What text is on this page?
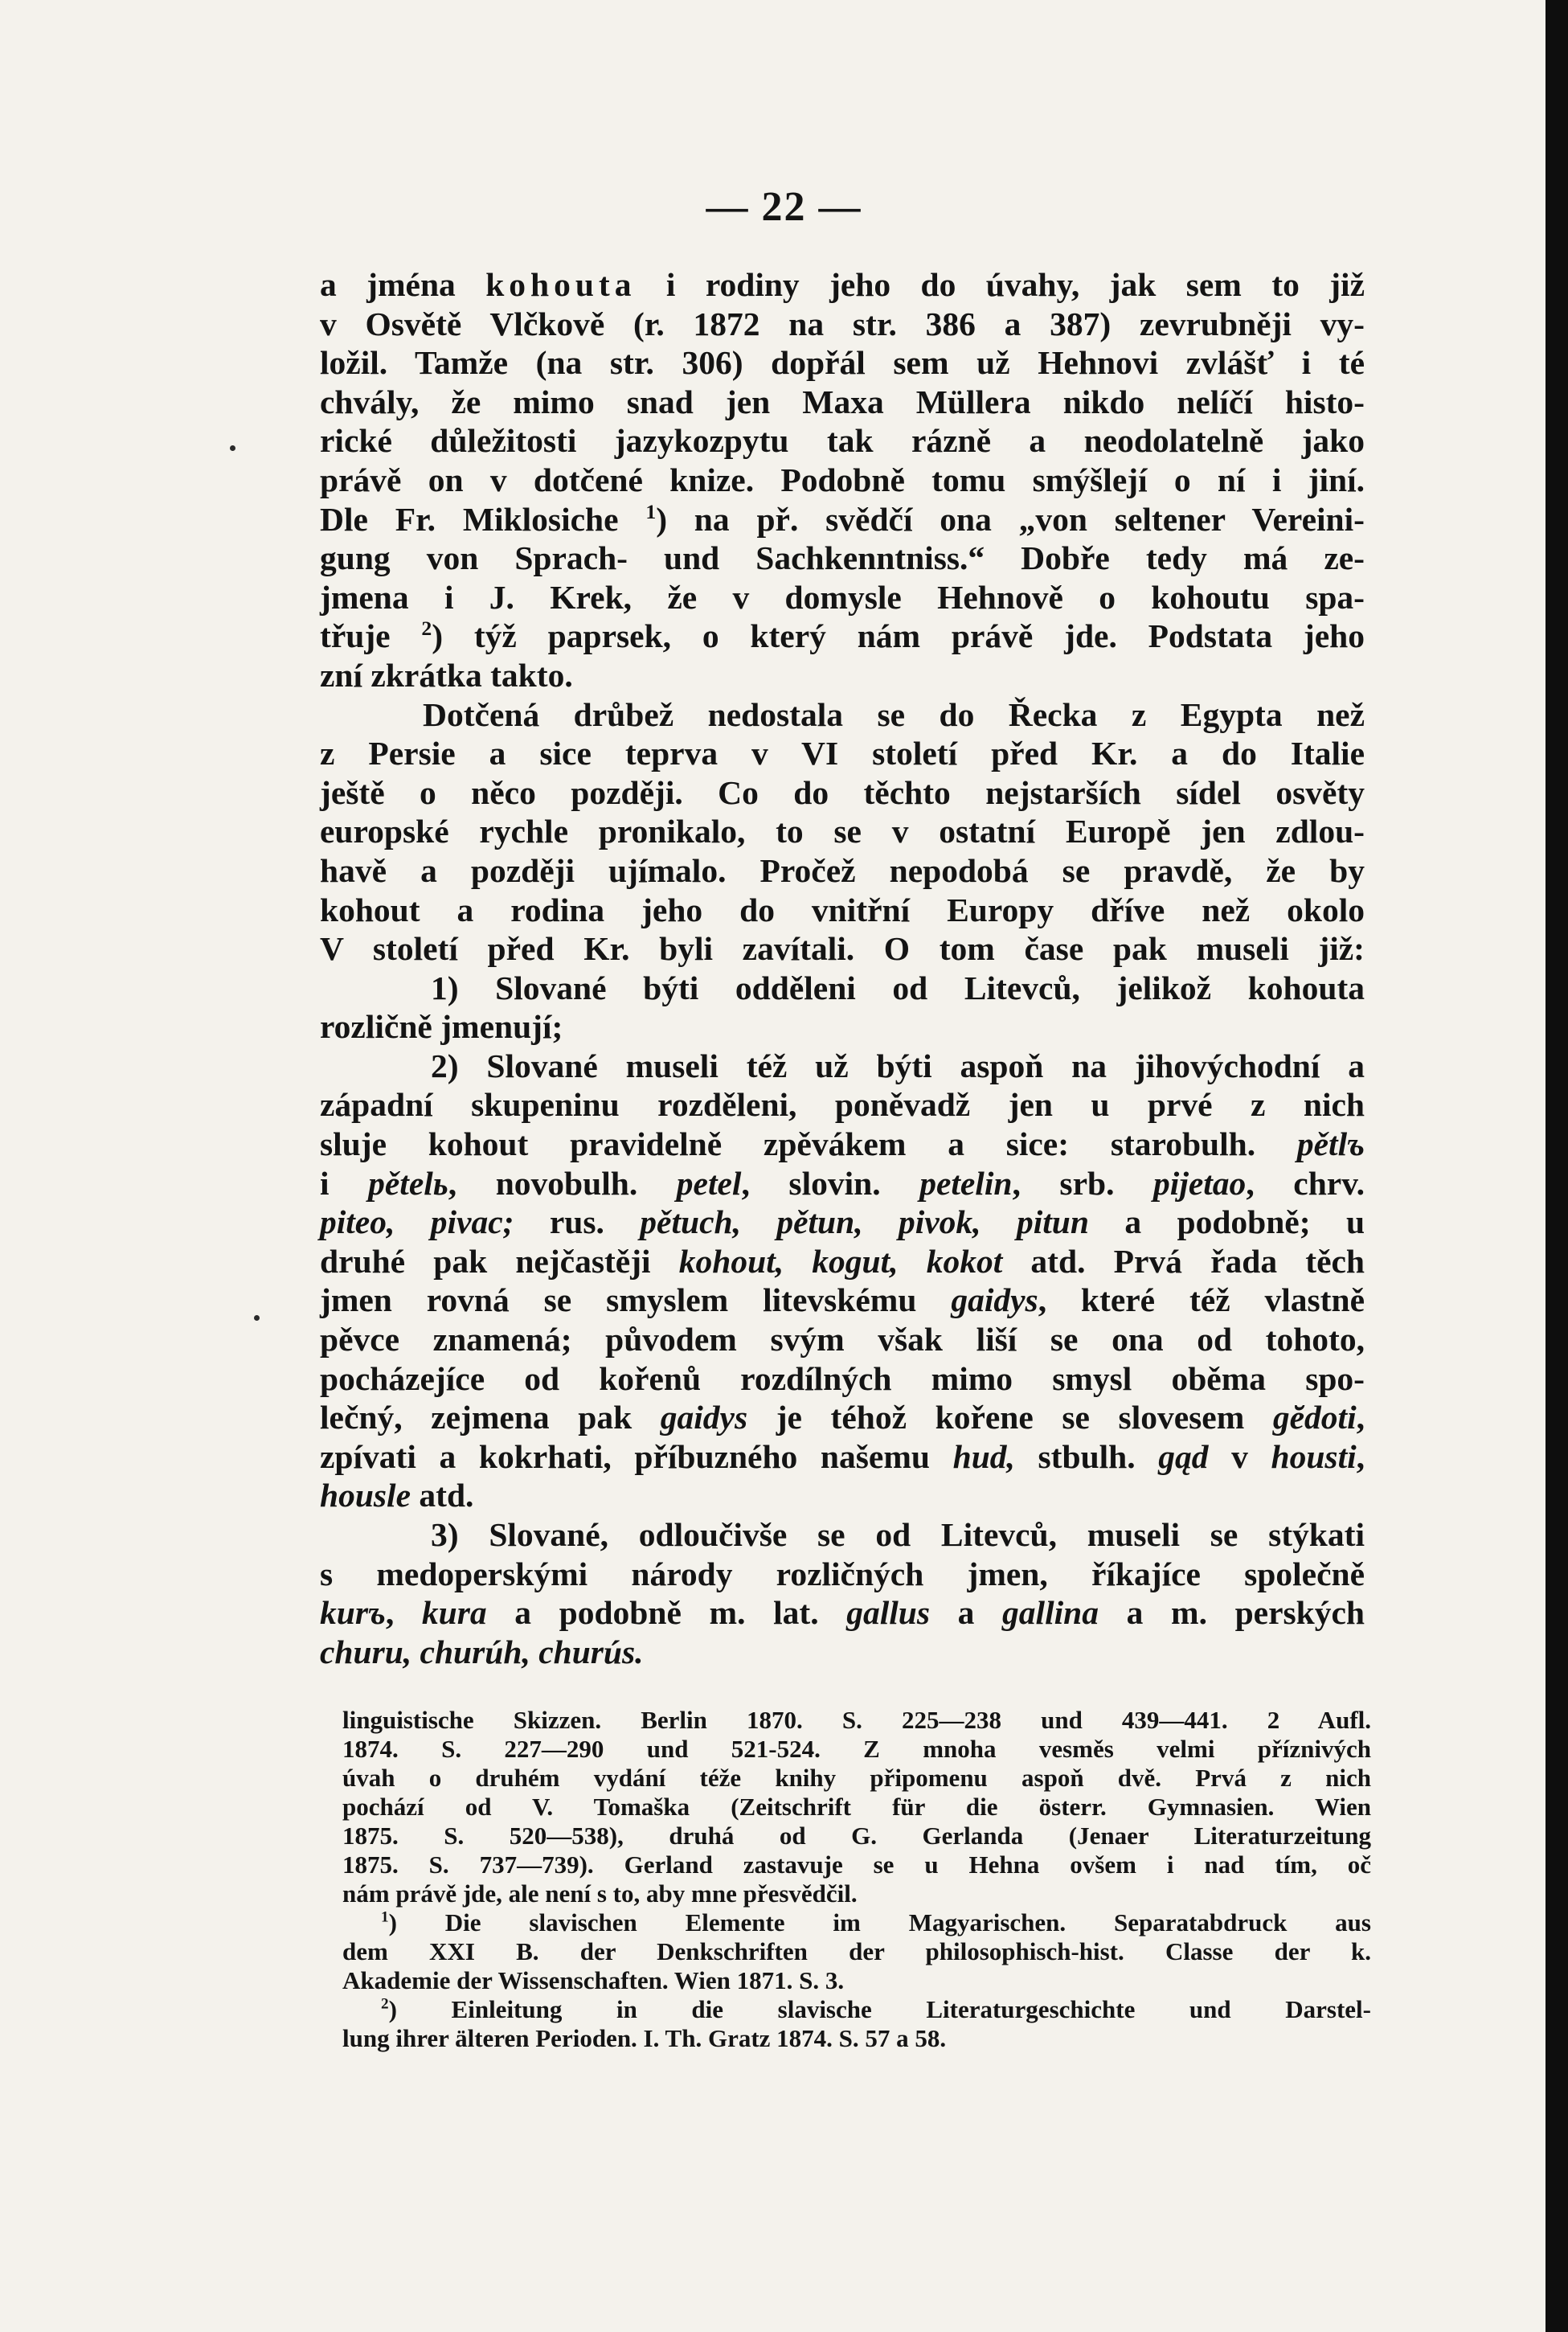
— 22 —
a jména kohouta i rodiny jeho do úvahy, jak sem to již
v Osvětě Vlčkově (r. 1872 na str. 386 a 387) zevrubněji vy-
ložil. Tamže (na str. 306) dopřál sem už Hehnovi zvlášť i té
chvály, že mimo snad jen Maxa Müllera nikdo nelíčí histo-
rické důležitosti jazykozpytu tak rázně a neodolatelně jako
právě on v dotčené knize. Podobně tomu smýšlejí o ní i jiní.
Dle Fr. Miklosiche $^1$) na př. svědčí ona „von seltener Vereini-
gung von Sprach- und Sachkenntniss.“ Dobře tedy má ze-
jmena i J. Krek, že v domysle Hehnově o kohoutu spa-
třuje $^2$) týž paprsek, o který nám právě jde. Podstata jeho
zní zkrátka takto.
Dotčená drůbež nedostala se do Řecka z Egypta než
z Persie a sice teprva v VI století před Kr. a do Italie
ještě o něco později. Co do těchto nejstarších sídel osvěty
europské rychle pronikalo, to se v ostatní Europě jen zdlou-
havě a později ujímalo. Pročež nepodobá se pravdě, že by
kohout a rodina jeho do vnitřní Europy dříve než okolo
V století před Kr. byli zavítali. O tom čase pak museli již:
1) Slované býti odděleni od Litevců, jelikož kohouta
rozličně jmenují;
2) Slované museli též už býti aspoň na jihovýchodní a
západní skupeninu rozděleni, poněvadž jen u prvé z nich
sluje kohout pravidelně zpěvákem a sice: starobulh. pětlъ
i pětelь, novobulh. petel, slovin. petelin, srb. pijetao, chrv.
piteo, pivac; rus. pětuch, pětun, pivok, pitun a podobně; u
druhé pak nejčastěji kohout, kogut, kokot atd. Prvá řada těch
jmen rovná se smyslem litevskému gaidys, které též vlastně
pěvce znamená; původem svým však liší se ona od tohoto,
pocházejíce od kořenů rozdílných mimo smysl oběma spo-
lečný, zejmena pak gaidys je téhož kořene se slovesem gĕdoti,
zpívati a kokrhati, příbuzného našemu hud, stbulh. gąd v housti,
housle atd.
3) Slované, odloučivše se od Litevců, museli se stýkati
s medoperskými národy rozličných jmen, říkajíce společně
kurъ, kura a podobně m. lat. gallus a gallina a m. perských
churu, churúh, churús.
linguistische Skizzen. Berlin 1870. S. 225—238 und 439—441. 2 Aufl.
1874. S. 227—290 und 521-524. Z mnoha vesměs velmi příznivých
úvah o druhém vydání téže knihy připomenu aspoň dvě. Prvá z nich
pochází od V. Tomaška (Zeitschrift für die österr. Gymnasien. Wien
1875. S. 520—538), druhá od G. Gerlanda (Jenaer Literaturzeitung
1875. S. 737—739). Gerland zastavuje se u Hehna ovšem i nad tím, oč
nám právě jde, ale není s to, aby mne přesvědčil.
$^1$) Die slavischen Elemente im Magyarischen. Separatabdruck aus
dem XXI B. der Denkschriften der philosophisch-hist. Classe der k.
Akademie der Wissenschaften. Wien 1871. S. 3.
$^2$) Einleitung in die slavische Literaturgeschichte und Darstel-
lung ihrer älteren Perioden. I. Th. Gratz 1874. S. 57 a 58.
